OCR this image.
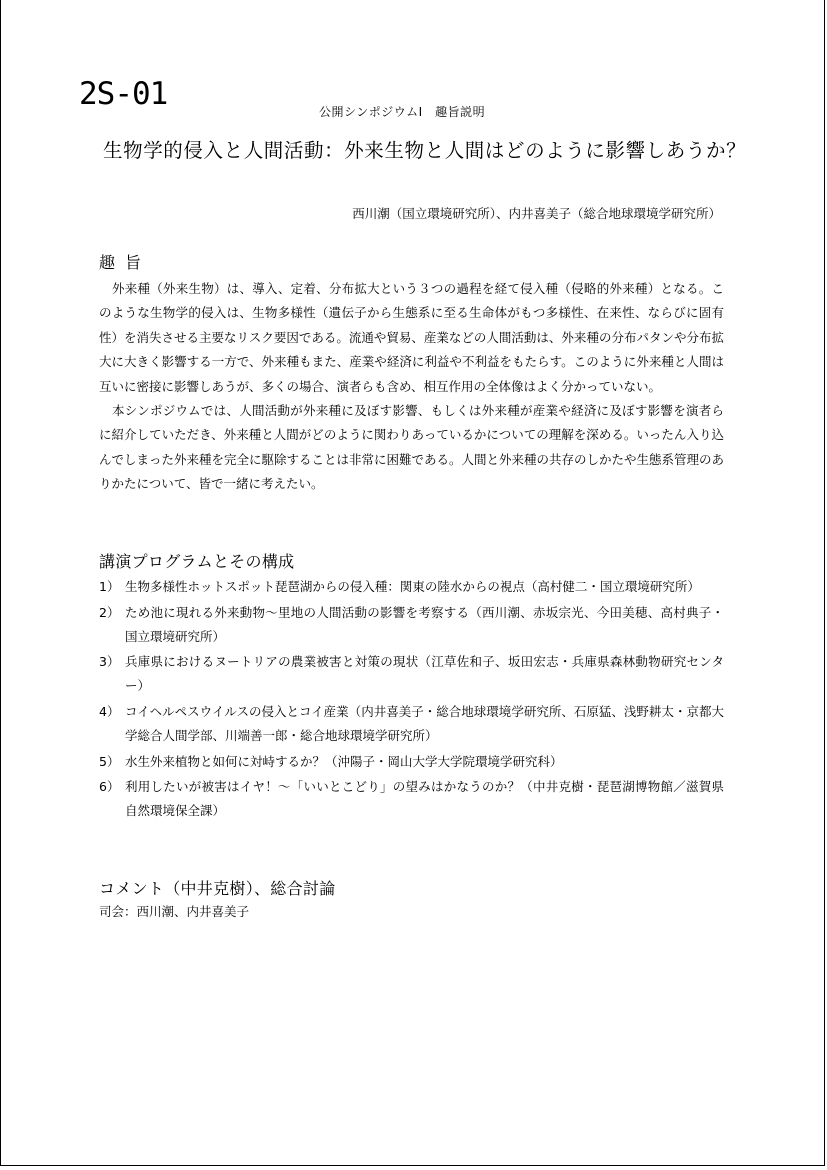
2S-01	公開シンポジウムⅠ　趣旨説明
生物学的侵入と人間活動：外来生物と人間はどのように影響しあうか？
西川潮（国立環境研究所）、内井喜美子（総合地球環境学研究所）
趣旨

外来種（外来生物）は、導入、定着、分布拡大という３つの過程を経て侵入種（侵略的外来種）となる。このような生物学的侵入は、生物多様性（遺伝子から生態系に至る生命体がもつ多様性、在来性、ならびに固有性）を消失させる主要なリスク要因である。流通や貿易、産業などの人間活動は、外来種の分布パタンや分布拡大に大きく影響する一方で、外来種もまた、産業や経済に利益や不利益をもたらす。このように外来種と人間は互いに密接に影響しあうが、多くの場合、演者らも含め、相互作用の全体像はよく分かっていない。

本シンポジウムでは、人間活動が外来種に及ぼす影響、もしくは外来種が産業や経済に及ぼす影響を演者らに紹介していただき、外来種と人間がどのように関わりあっているかについての理解を深める。いったん入り込んでしまった外来種を完全に駆除することは非常に困難である。人間と外来種の共存のしかたや生態系管理のありかたについて、皆で一緒に考えたい。

講演プログラムとその構成
1） 生物多様性ホットスポット琵琶湖からの侵入種：関東の陸水からの視点（高村健二・国立環境研究所）
2） ため池に現れる外来動物～里地の人間活動の影響を考察する（西川潮、赤坂宗光、今田美穂、高村典子・国立環境研究所）
3） 兵庫県におけるヌートリアの農業被害と対策の現状（江草佐和子、坂田宏志・兵庫県森林動物研究センター）
4） コイヘルペスウイルスの侵入とコイ産業（内井喜美子・総合地球環境学研究所、石原猛、浅野耕太・京都大学総合人間学部、川端善一郎・総合地球環境学研究所）
5） 水生外来植物と如何に対峙するか？（沖陽子・岡山大学大学院環境学研究科）
6） 利用したいが被害はイヤ！～「いいとこどり」の望みはかなうのか？（中井克樹・琵琶湖博物館／滋賀県自然環境保全課）
コメント（中井克樹）、総合討論
司会：西川潮、内井喜美子
